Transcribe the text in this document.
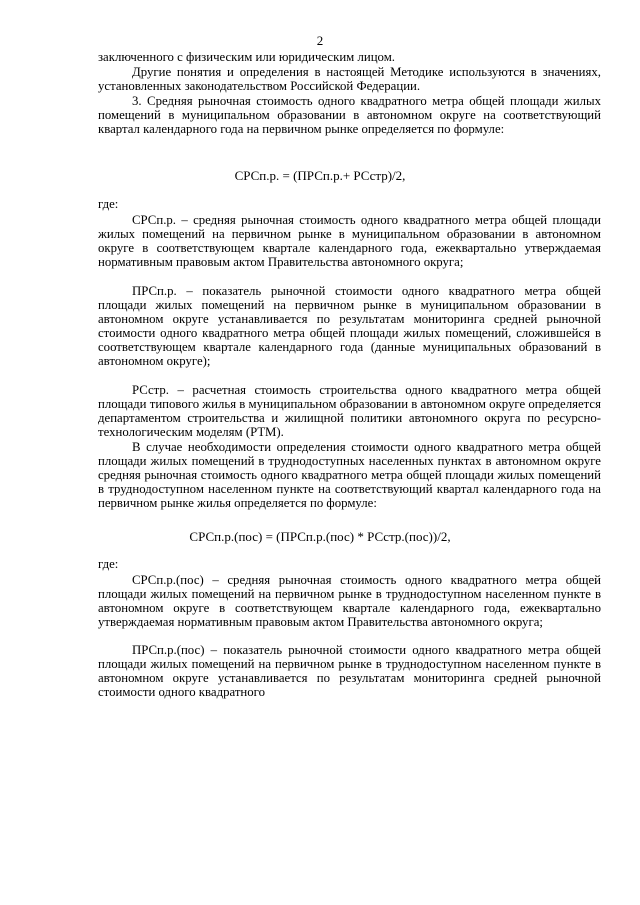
2

заключенного с физическим или юридическим лицом.

Другие понятия и определения в настоящей Методике используются в значениях, установленных законодательством Российской Федерации.

3. Средняя рыночная стоимость одного квадратного метра общей площади жилых помещений в муниципальном образовании в автономном округе на соответствующий квартал календарного года на первичном рынке определяется по формуле:

СРСп.р. = (ПРСп.р.+ РСстр)/2,
где:

СРСп.р. – средняя рыночная стоимость одного квадратного метра общей площади жилых помещений на первичном рынке в муниципальном образовании в автономном округе в соответствующем квартале календарного года, ежеквартально утверждаемая нормативным правовым актом Правительства автономного округа;

ПРСп.р. – показатель рыночной стоимости одного квадратного метра общей площади жилых помещений на первичном рынке в муниципальном образовании в автономном округе устанавливается по результатам мониторинга средней рыночной стоимости одного квадратного метра общей площади жилых помещений, сложившейся в соответствующем квартале календарного года (данные муниципальных образований в автономном округе);

РСстр. – расчетная стоимость строительства одного квадратного метра общей площади типового жилья в муниципальном образовании в автономном округе определяется департаментом строительства и жилищной политики автономного округа по ресурсно-технологическим моделям (РТМ).

В случае необходимости определения стоимости одного квадратного метра общей площади жилых помещений в труднодоступных населенных пунктах в автономном округе средняя рыночная стоимость одного квадратного метра общей площади жилых помещений в труднодоступном населенном пункте на соответствующий квартал календарного года на первичном рынке жилья определяется по формуле:

СРСп.р.(пос) = (ПРСп.р.(пос) * РСстр.(пос))/2,
где:

СРСп.р.(пос) – средняя рыночная стоимость одного квадратного метра общей площади жилых помещений на первичном рынке в труднодоступном населенном пункте в автономном округе в соответствующем квартале календарного года, ежеквартально утверждаемая нормативным правовым актом Правительства автономного округа;

ПРСп.р.(пос) – показатель рыночной стоимости одного квадратного метра общей площади жилых помещений на первичном рынке в труднодоступном населенном пункте в автономном округе устанавливается по результатам мониторинга средней рыночной стоимости одного квадратного
